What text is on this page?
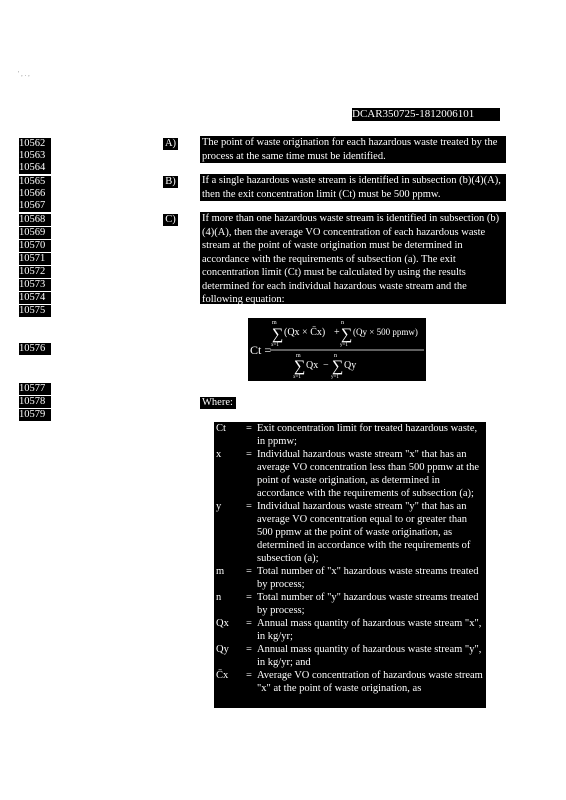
' , . ,
DCAR350725-1812006101
10562
10563
10564
10565
10566
10567
10568
10569
10570
10571
10572
10573
10574
10575
10576
10577
10578
10579
A) The point of waste origination for each hazardous waste treated by the process at the same time must be identified.
B)	If a single hazardous waste stream is identified in subsection (b)(4)(A), then the exit concentration limit (Ct) must be 500 ppmw.
C)	If more than one hazardous waste stream is identified in subsection (b)(4)(A), then the average VO concentration of each hazardous waste stream at the point of waste origination must be determined in accordance with the requirements of subsection (a). The exit concentration limit (Ct) must be calculated by using the results determined for each individual hazardous waste stream and the following equation:
Ct =
∑
m
x=1
(Qx × C̄x) + ∑
n
y=1
(Qy × 500 ppmw)
∑
m
x=1
Qx − ∑
n
y=1
Qy
Where:
Ct	= Exit concentration limit for treated hazardous waste, in ppmw;
x	= Individual hazardous waste stream "x" that has an average VO concentration less than 500 ppmw at the point of waste origination, as determined in accordance with the requirements of subsection (a);
y	= Individual hazardous waste stream "y" that has an average VO concentration equal to or greater than 500 ppmw at the point of waste origination, as determined in accordance with the requirements of subsection (a);
m	= Total number of "x" hazardous waste streams treated by process;
n	= Total number of "y" hazardous waste streams treated by process;
Qx	= Annual mass quantity of hazardous waste stream "x", in kg/yr;
Qy	= Annual mass quantity of hazardous waste stream "y", in kg/yr; and
C̄x	= Average VO concentration of hazardous waste stream "x" at the point of waste origination, as
